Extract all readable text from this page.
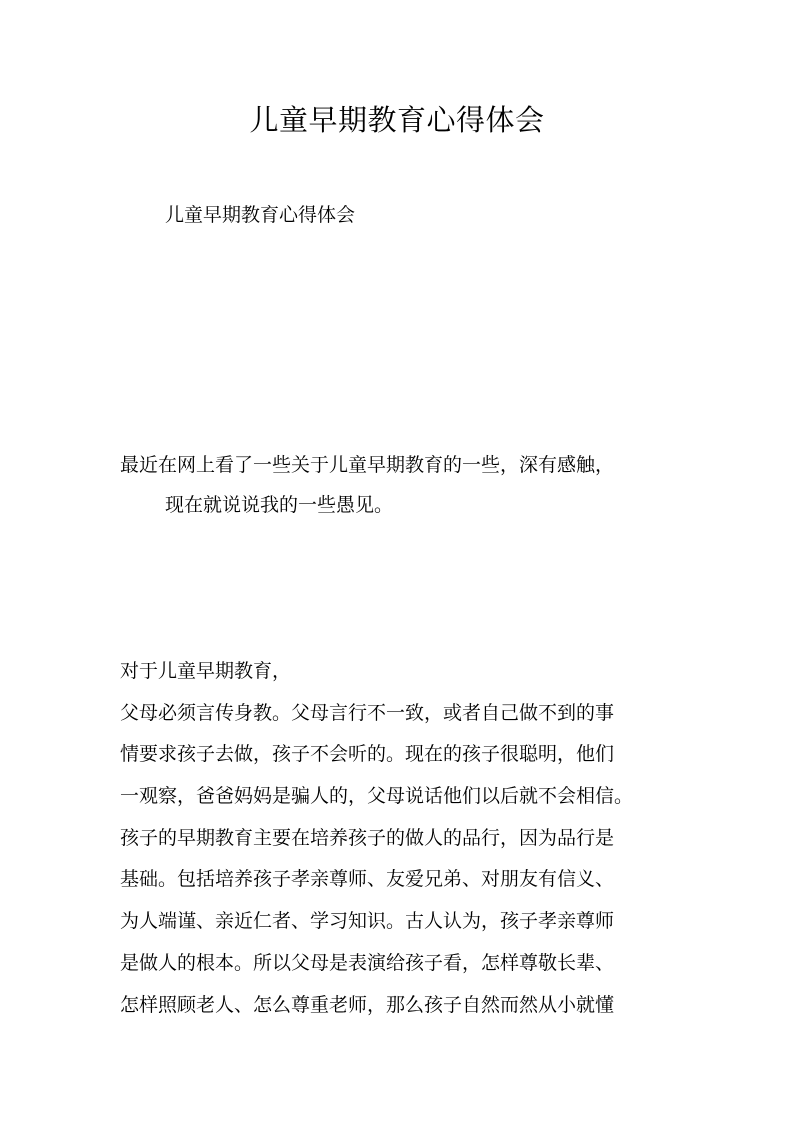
儿童早期教育心得体会

儿童早期教育心得体会

最近在网上看了一些关于儿童早期教育的一些，深有感触，
现在就说说我的一些愚见。
对于儿童早期教育，
父母必须言传身教。父母言行不一致，或者自己做不到的事
情要求孩子去做，孩子不会听的。现在的孩子很聪明，他们
一观察，爸爸妈妈是骗人的，父母说话他们以后就不会相信。
孩子的早期教育主要在培养孩子的做人的品行，因为品行是
基础。包括培养孩子孝亲尊师、友爱兄弟、对朋友有信义、
为人端谨、亲近仁者、学习知识。古人认为，孩子孝亲尊师
是做人的根本。所以父母是表演给孩子看，怎样尊敬长辈、
怎样照顾老人、怎么尊重老师，那么孩子自然而然从小就懂
